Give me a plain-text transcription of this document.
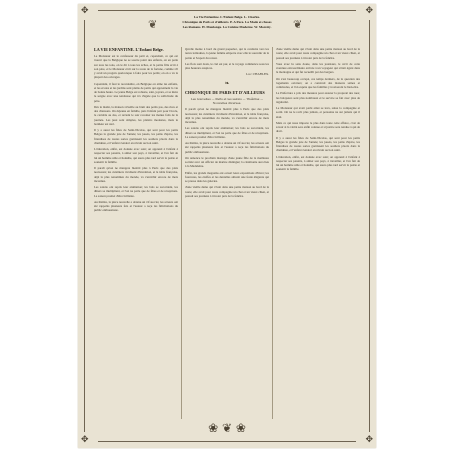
✥	✥
✥	✥
❦	❦
La Vie Enfantine. L'Enfant Belge. L. Charles.
Chronique de Paris et d'ailleurs. P. A Peca. La Mode et choses
Les Romans. H. Moulonga. La Cuisine Moderne. W. Moretty.
LA VIE ENFANTINE. L'Enfant Belge.

Le Monsieur est le confesseur du petit et, cependant, ce qui est trouvé que la Belgique ne se soucie point des enfants, on en parle sur tous les tons, on le dit à tous les échos, et la petite fille écrit à son père, et le Monsieur écrit sur la route de la fortune, comme s'il y avait un progrès quelconque à faire pour les petits; on en a vu la plupart des ouvrages.

Cependant, il faut le reconnaître, en Belgique on aime les enfants, et les écoles et les jardins sont pleins de petits qui apprennent la vie de bonne heure. Le jeune Belge est robuste, sain, joyeux, et sa mère le soigne avec une tendresse qui n'a d'égale que la sollicitude du père.

Dès le matin, la maison s'éveille au bruit des petits pas, des rires et des chansons. On déjeune en famille, puis l'enfant part pour l'école, le cartable au dos, et revient le soir raconter les menus faits de la journée. Les jeux sont simples, les plaisirs modestes, mais le bonheur est réel.

Il y a aussi les fêtes de Saint-Nicolas, qui sont pour les petits Belges la grande joie de l'année; les jouets, les pains d'épice, les friandises de toutes sortes garnissent les souliers placés dans la cheminée, et l'enfant s'endort en rêvant au bon saint.

L'éducation, enfin, est donnée avec soin; on apprend à l'enfant à respecter ses parents, à aimer son pays, à travailler, et l'on fait de lui un homme utile et honnête, qui saura plus tard servir la patrie et soutenir la famille.

Il paraît qu'on ne mangera bientôt plus à Paris que des plats nouveaux; les cuisiniers rivalisent d'invention, et la table française, déjà la plus renommée du monde, va s'enrichir encore de mets inconnus.

Les salons ont repris leur animation; les bals se succèdent, les dîners se multiplient, et l'on ne parle que de fêtes et de réceptions. La saison promet d'être brillante.

Au théâtre, la pièce nouvelle a obtenu un vif succès; les acteurs ont été rappelés plusieurs fois et l'auteur a reçu les félicitations du public enthousiaste.

Qu'elle monte à bord du grand paquebot, qui la conduira vers les terres lointaines, la jeune femme emporte avec elle le souvenir de la patrie et l'espoir du retour.

Les flots sont doux, le ciel est pur, et le voyage commence sous les plus heureux auspices.

Luc CHARLES.
❧
CHRONIQUE DE PARIS ET D'AILLEURS
Les nouvelles — Paris et les salons — Théâtres — Nouvelles diverses.

Il paraît qu'on ne mangera bientôt plus à Paris que des plats nouveaux; les cuisiniers rivalisent d'invention, et la table française, déjà la plus renommée du monde, va s'enrichir encore de mets inconnus.

Les salons ont repris leur animation; les bals se succèdent, les dîners se multiplient, et l'on ne parle que de fêtes et de réceptions. La saison promet d'être brillante.

Au théâtre, la pièce nouvelle a obtenu un vif succès; les acteurs ont été rappelés plusieurs fois et l'auteur a reçu les félicitations du public enthousiaste.

On annonce le prochain mariage d'une jeune fille de la meilleure société avec un officier de marine distingué; la cérémonie aura lieu à la Madeleine.

Enfin, les grands magasins ont ouvert leurs expositions d'hiver; les fourrures, les étoffes et les dentelles attirent une foule élégante qui se presse dans les galeries.

d'une vieille dame qui vivait dans une petite maison au bord de la route; elle avait pour toute compagnie un chat et un vieux chien, et passait ses journées à tricoter près de la fenêtre.

d'une vieille dame qui vivait dans une petite maison au bord de la route; elle avait pour toute compagnie un chat et un vieux chien, et passait ses journées à tricoter près de la fenêtre.

Vous avez lu sans doute, dans les journaux, le récit de cette aventure extraordinaire arrivée à un voyageur qui s'était égaré dans la montagne et qui fut recueilli par des bergers.

On s'est beaucoup occupé, ces temps derniers, de la question des logements ouvriers; on a construit des maisons saines et commodes, et l'on espère que les familles y trouveront le bien-être.

La Préfecture a pris des mesures pour assurer la propreté des rues; les balayeurs sont plus nombreux et le service se fait avec plus de régularité.

Le Monsieur qui avait parlé ainsi se leva, salua la compagnie et sortit. On ne le revit plus jamais, et personne ne sut jamais qui il était.

Mais ce qui nous importe le plus dans toute cette affaire, c'est de savoir si la vérité sera enfin connue et si justice sera rendue à qui de droit.

Il y a aussi les fêtes de Saint-Nicolas, qui sont pour les petits Belges la grande joie de l'année; les jouets, les pains d'épice, les friandises de toutes sortes garnissent les souliers placés dans la cheminée, et l'enfant s'endort en rêvant au bon saint.

L'éducation, enfin, est donnée avec soin; on apprend à l'enfant à respecter ses parents, à aimer son pays, à travailler, et l'on fait de lui un homme utile et honnête, qui saura plus tard servir la patrie et soutenir la famille.

❀ ❦ ❀
